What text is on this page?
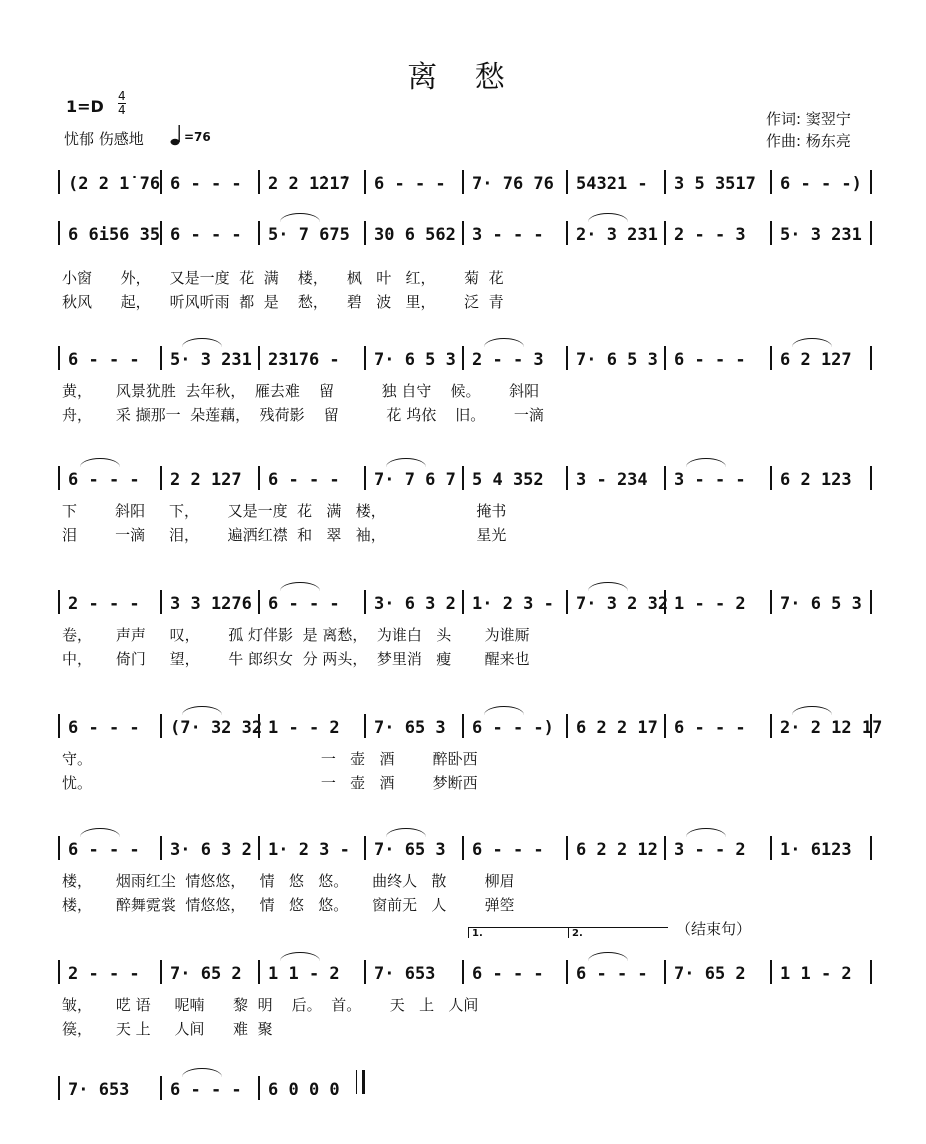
离 愁
1=D
4
4
忧郁 伤感地	=76
作词: 窦翌宁
作曲: 杨东亮
(2 2 1̇ 76 6 - - - 2 2 1̇21̇7 6 - - - 7· 76 76 54321 - 3 5 3517 6 - - -)
6 6i56 35 6 - - - 5· 7 675 30 6 562 3 - - - 2· 3 231 2 - - 3 5· 3 231
小窗      外，    又是一度  花  满    楼，    枫   叶   红，      菊  花
秋风      起，    听风听雨  都  是    愁，    碧   波   里，      泛  青
6 - - - 5· 3 231 23176 - 7· 6 5 3 2 - - 3 7· 6 5 3 6 - - - 6 2 127
黄，     风景犹胜  去年秋，  雁去难    留          独 自守    候。      斜阳
舟，     采 撷那一  朵莲藕，  残荷影    留          花 坞依    旧。      一滴
6 - - - 2 2 127 6 - - - 7· 7 6 7 5 4 352 3 - 234 3 - - - 6 2 123
下        斜阳     下，      又是一度  花   满   楼，                   掩书
泪        一滴     泪，      遍洒红襟  和   翠   袖，                   星光
2 - - - 3 3 1276 6 - - - 3· 6 3 2 1· 2 3 - 7· 3 2 32 1 - - 2 7· 6 5 3
卷，     声声     叹，      孤 灯伴影  是 离愁，  为谁白   头       为谁厮
中，     倚门     望，      牛 郎织女  分 两头，  梦里消   瘦       醒来也
6 - - - (7· 32 32 1 - - 2 7· 65 3 6 - - -) 6 2 2 17 6 - - - 2· 2 12 17
守。                                                一   壶   酒        醉卧西
忧。                                                一   壶   酒        梦断西
6 - - - 3· 6 3 2 1· 2 3 - 7· 65 3 6 - - - 6 2 2 12 3 - - 2 1· 6123
楼，     烟雨红尘  情悠悠，   情   悠   悠。     曲终人   散        柳眉
楼，     醉舞霓裳  情悠悠，   情   悠   悠。     窗前无   人        弹箜
2 - - - 7· 65 2 1 1 - 2 7· 653 6 - - - 6 - - - 7· 65 2 1 1 - 2
皱，     呓 语     呢喃      黎  明    后。  首。      天   上   人间
篌，     天 上     人间      难  聚
7· 653 6 - - - 6 0 0 0
1.	2.	（结束句）
